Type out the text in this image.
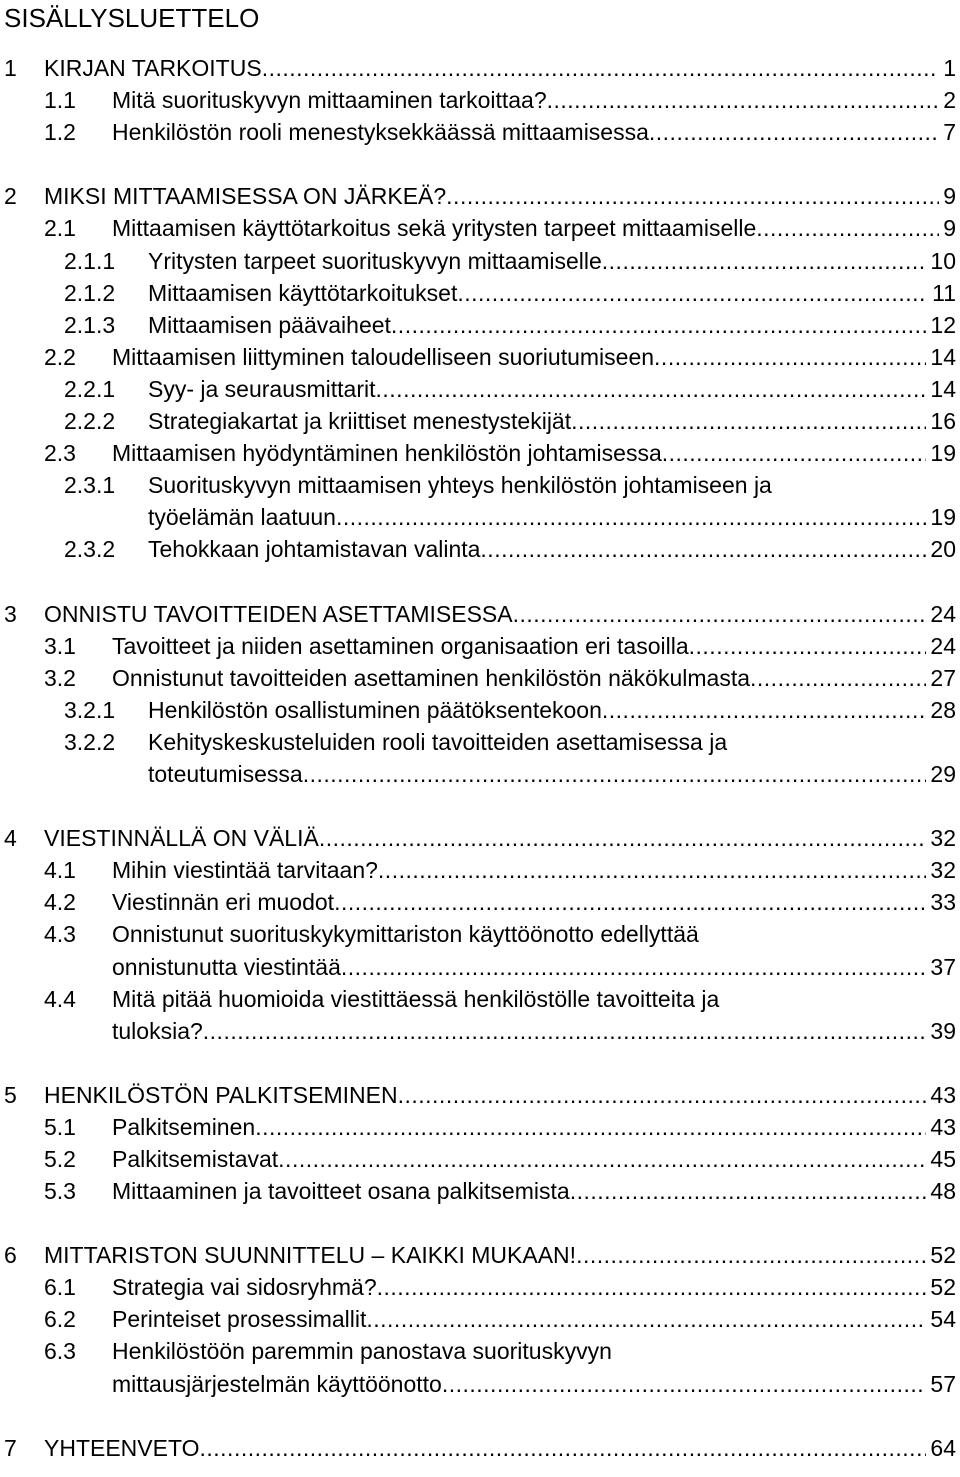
SISÄLLYSLUETTELO
1 KIRJAN TARKOITUS .....	1
1.1 Mitä suorituskyvyn mittaaminen tarkoittaa? .....	2
1.2 Henkilöstön rooli menestyksekkäässä mittaamisessa .....	7
2 MIKSI MITTAAMISESSA ON JÄRKEÄ? .....	9
2.1 Mittaamisen käyttötarkoitus sekä yritysten tarpeet mittaamiselle .....	9
2.1.1 Yritysten tarpeet suorituskyvyn mittaamiselle .....	10
2.1.2 Mittaamisen käyttötarkoitukset .....	11
2.1.3 Mittaamisen päävaiheet .....	12
2.2 Mittaamisen liittyminen taloudelliseen suoriutumiseen .....	14
2.2.1 Syy- ja seurausmittarit .....	14
2.2.2 Strategiakartat ja kriittiset menestystekijät .....	16
2.3 Mittaamisen hyödyntäminen henkilöstön johtamisessa .....	19
2.3.1 Suorituskyvyn mittaamisen yhteys henkilöstön johtamiseen ja
työelämän laatuun .....	19
2.3.2 Tehokkaan johtamistavan valinta .....	20
3 ONNISTU TAVOITTEIDEN ASETTAMISESSA .....	24
3.1 Tavoitteet ja niiden asettaminen organisaation eri tasoilla .....	24
3.2 Onnistunut tavoitteiden asettaminen henkilöstön näkökulmasta .....	27
3.2.1 Henkilöstön osallistuminen päätöksentekoon .....	28
3.2.2 Kehityskeskusteluiden rooli tavoitteiden asettamisessa ja
toteutumisessa .....	29
4 VIESTINNÄLLÄ ON VÄLIÄ .....	32
4.1 Mihin viestintää tarvitaan? .....	32
4.2 Viestinnän eri muodot .....	33
4.3 Onnistunut suorituskykymittariston käyttöönotto edellyttää
onnistunutta viestintää .....	37
4.4 Mitä pitää huomioida viestittäessä henkilöstölle tavoitteita ja
tuloksia? .....	39
5 HENKILÖSTÖN PALKITSEMINEN .....	43
5.1 Palkitseminen .....	43
5.2 Palkitsemistavat .....	45
5.3 Mittaaminen ja tavoitteet osana palkitsemista .....	48
6 MITTARISTON SUUNNITTELU – KAIKKI MUKAAN! .....	52
6.1 Strategia vai sidosryhmä? .....	52
6.2 Perinteiset prosessimallit .....	54
6.3 Henkilöstöön paremmin panostava suorituskyvyn
mittausjärjestelmän käyttöönotto .....	57
7 YHTEENVETO .....	64
